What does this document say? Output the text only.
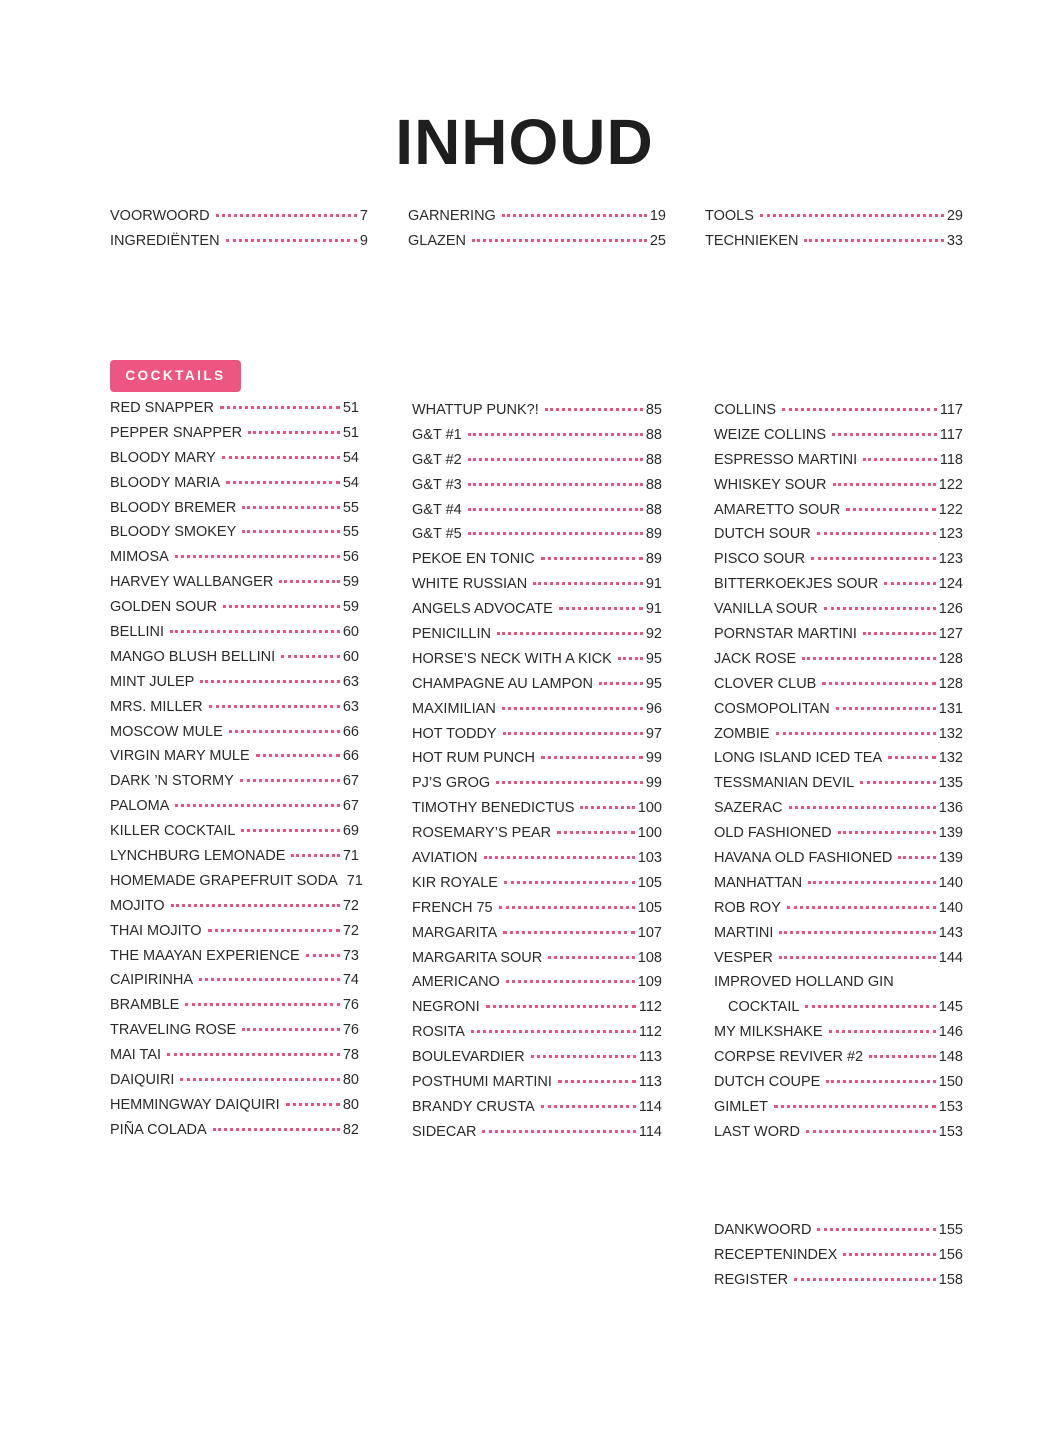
INHOUD
VOORWOORD	7
INGREDIËNTEN	9
GARNERING	19
GLAZEN	25
TOOLS	29
TECHNIEKEN	33
COCKTAILS
RED SNAPPER	51
PEPPER SNAPPER	51
BLOODY MARY	54
BLOODY MARIA	54
BLOODY BREMER	55
BLOODY SMOKEY	55
MIMOSA	56
HARVEY WALLBANGER	59
GOLDEN SOUR	59
BELLINI	60
MANGO BLUSH BELLINI	60
MINT JULEP	63
MRS. MILLER	63
MOSCOW MULE	66
VIRGIN MARY MULE	66
DARK ’N STORMY	67
PALOMA	67
KILLER COCKTAIL	69
LYNCHBURG LEMONADE	71
HOMEMADE GRAPEFRUIT SODA 71
MOJITO	72
THAI MOJITO	72
THE MAAYAN EXPERIENCE	73
CAIPIRINHA	74
BRAMBLE	76
TRAVELING ROSE	76
MAI TAI	78
DAIQUIRI	80
HEMMINGWAY DAIQUIRI	80
PIÑA COLADA	82
WHATTUP PUNK?!	85
G&T #1	88
G&T #2	88
G&T #3	88
G&T #4	88
G&T #5	89
PEKOE EN TONIC	89
WHITE RUSSIAN	91
ANGELS ADVOCATE	91
PENICILLIN	92
HORSE’S NECK WITH A KICK 95
CHAMPAGNE AU LAMPON	95
MAXIMILIAN	96
HOT TODDY	97
HOT RUM PUNCH	99
PJ’S GROG	99
TIMOTHY BENEDICTUS	100
ROSEMARY’S PEAR	100
AVIATION	103
KIR ROYALE	105
FRENCH 75	105
MARGARITA	107
MARGARITA SOUR	108
AMERICANO	109
NEGRONI	112
ROSITA	112
BOULEVARDIER	113
POSTHUMI MARTINI	113
BRANDY CRUSTA	114
SIDECAR	114
COLLINS	117
WEIZE COLLINS	117
ESPRESSO MARTINI	118
WHISKEY SOUR	122
AMARETTO SOUR	122
DUTCH SOUR	123
PISCO SOUR	123
BITTERKOEKJES SOUR	124
VANILLA SOUR	126
PORNSTAR MARTINI	127
JACK ROSE	128
CLOVER CLUB	128
COSMOPOLITAN	131
ZOMBIE	132
LONG ISLAND ICED TEA	132
TESSMANIAN DEVIL	135
SAZERAC	136
OLD FASHIONED	139
HAVANA OLD FASHIONED	139
MANHATTAN	140
ROB ROY	140
MARTINI	143
VESPER	144
IMPROVED HOLLAND GIN
COCKTAIL	145
MY MILKSHAKE	146
CORPSE REVIVER #2	148
DUTCH COUPE	150
GIMLET	153
LAST WORD	153
DANKWOORD	155
RECEPTENINDEX	156
REGISTER	158
